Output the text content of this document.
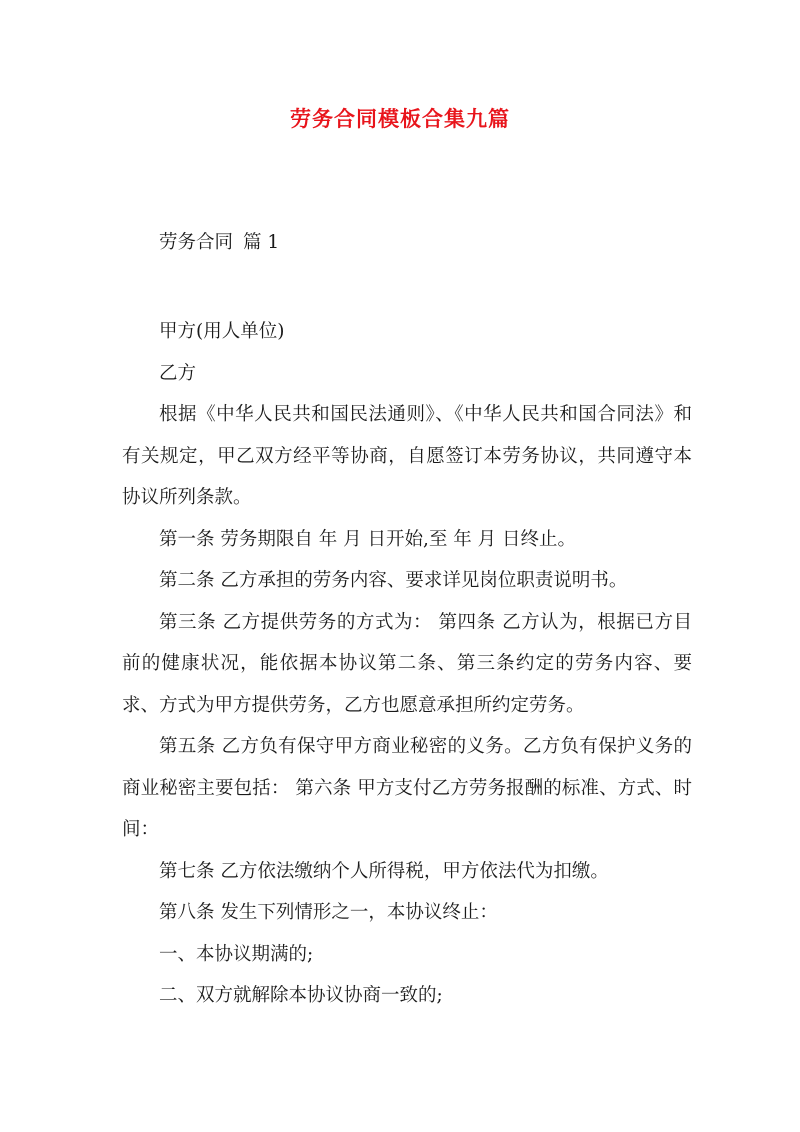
劳务合同模板合集九篇
劳务合同 篇 1

甲方(用人单位)

乙方

根据《中华人民共和国民法通则》、《中华人民共和国合同法》和有关规定，甲乙双方经平等协商，自愿签订本劳务协议，共同遵守本协议所列条款。

第一条 劳务期限自 年 月 日开始,至 年 月 日终止。

第二条 乙方承担的劳务内容、要求详见岗位职责说明书。

第三条 乙方提供劳务的方式为： 第四条 乙方认为，根据已方目前的健康状况，能依据本协议第二条、第三条约定的劳务内容、要求、方式为甲方提供劳务，乙方也愿意承担所约定劳务。

第五条 乙方负有保守甲方商业秘密的义务。乙方负有保护义务的商业秘密主要包括： 第六条 甲方支付乙方劳务报酬的标准、方式、时间：

第七条 乙方依法缴纳个人所得税，甲方依法代为扣缴。

第八条 发生下列情形之一，本协议终止：

一、本协议期满的;

二、双方就解除本协议协商一致的;
